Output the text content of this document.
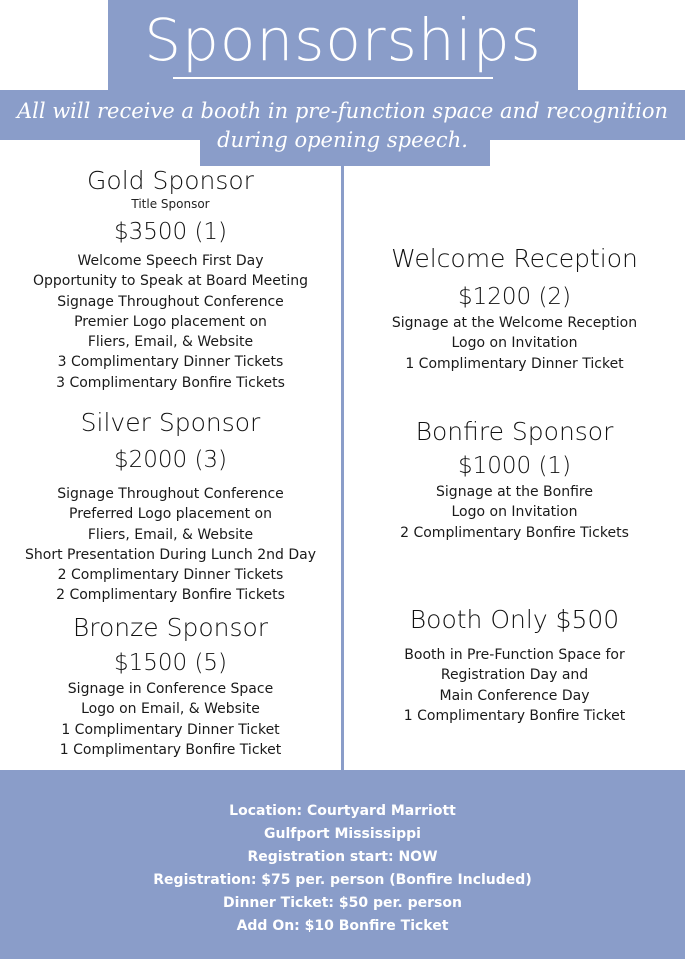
Sponsorships
All will receive a booth in pre-function space and recognition
during opening speech.
Gold Sponsor
Title Sponsor
$3500 (1)
Welcome Speech First Day
Opportunity to Speak at Board Meeting
Signage Throughout Conference
Premier Logo placement on
Fliers, Email, & Website
3 Complimentary Dinner Tickets
3 Complimentary Bonfire Tickets
Silver Sponsor
$2000 (3)
Signage Throughout Conference
Preferred Logo placement on
Fliers, Email, & Website
Short Presentation During Lunch 2nd Day
2 Complimentary Dinner Tickets
2 Complimentary Bonfire Tickets
Bronze Sponsor
$1500 (5)
Signage in Conference Space
Logo on Email, & Website
1 Complimentary Dinner Ticket
1 Complimentary Bonfire Ticket
Welcome Reception
$1200 (2)
Signage at the Welcome Reception
Logo on Invitation
1 Complimentary Dinner Ticket
Bonfire Sponsor
$1000 (1)
Signage at the Bonfire
Logo on Invitation
2 Complimentary Bonfire Tickets
Booth Only $500
Booth in Pre-Function Space for
Registration Day and
Main Conference Day
1 Complimentary Bonfire Ticket
Location: Courtyard Marriott
Gulfport Mississippi
Registration start: NOW
Registration: $75 per. person (Bonfire Included)
Dinner Ticket: $50 per. person
Add On: $10 Bonfire Ticket
